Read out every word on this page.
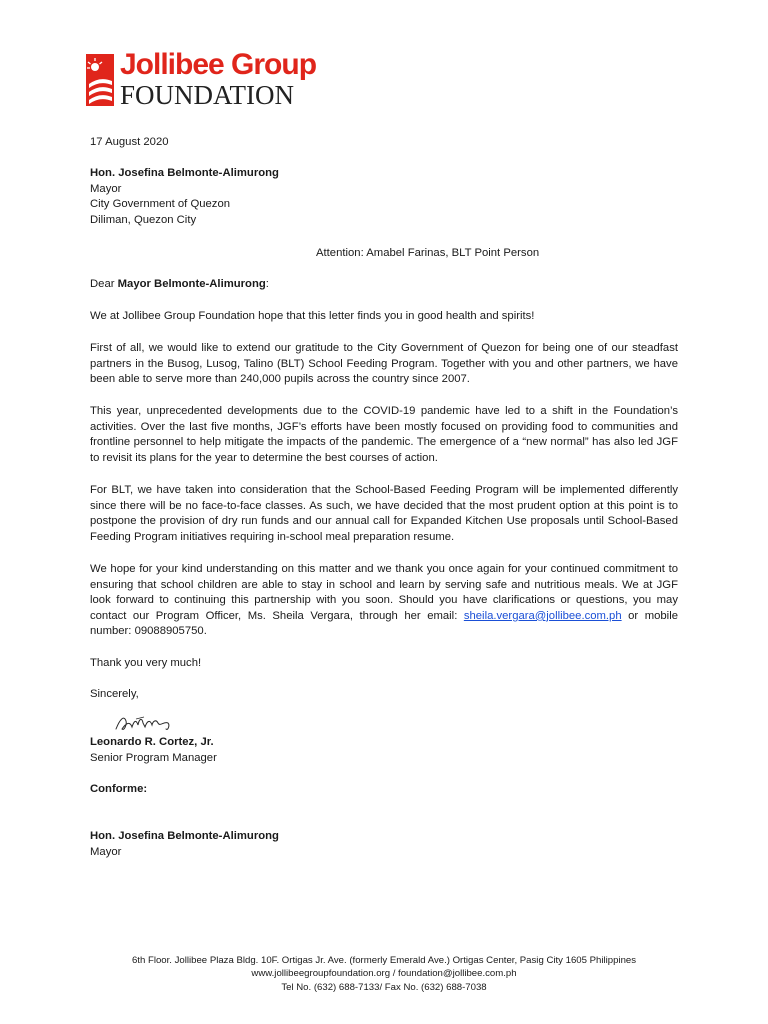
Jollibee Group
FOUNDATION
17 August 2020
Hon. Josefina Belmonte-Alimurong
Mayor
City Government of Quezon
Diliman, Quezon City
Attention: Amabel Farinas, BLT Point Person
Dear Mayor Belmonte-Alimurong:
We at Jollibee Group Foundation hope that this letter finds you in good health and spirits!
First of all, we would like to extend our gratitude to the City Government of Quezon for being one of our steadfast partners in the Busog, Lusog, Talino (BLT) School Feeding Program. Together with you and other partners, we have been able to serve more than 240,000 pupils across the country since 2007.
This year, unprecedented developments due to the COVID-19 pandemic have led to a shift in the Foundation’s activities. Over the last five months, JGF’s efforts have been mostly focused on providing food to communities and frontline personnel to help mitigate the impacts of the pandemic. The emergence of a “new normal” has also led JGF to revisit its plans for the year to determine the best courses of action.
For BLT, we have taken into consideration that the School-Based Feeding Program will be implemented differently since there will be no face-to-face classes. As such, we have decided that the most prudent option at this point is to postpone the provision of dry run funds and our annual call for Expanded Kitchen Use proposals until School-Based Feeding Program initiatives requiring in-school meal preparation resume.
We hope for your kind understanding on this matter and we thank you once again for your continued commitment to ensuring that school children are able to stay in school and learn by serving safe and nutritious meals. We at JGF look forward to continuing this partnership with you soon. Should you have clarifications or questions, you may contact our Program Officer, Ms. Sheila Vergara, through her email: sheila.vergara@jollibee.com.ph or mobile number: 09088905750.
Thank you very much!
Sincerely,
Leonardo R. Cortez, Jr.
Senior Program Manager
Conforme:
Hon. Josefina Belmonte-Alimurong
Mayor
6th Floor. Jollibee Plaza Bldg. 10F. Ortigas Jr. Ave. (formerly Emerald Ave.) Ortigas Center, Pasig City 1605 Philippines
www.jollibeegroupfoundation.org / foundation@jollibee.com.ph
Tel No. (632) 688-7133/ Fax No. (632) 688-7038
